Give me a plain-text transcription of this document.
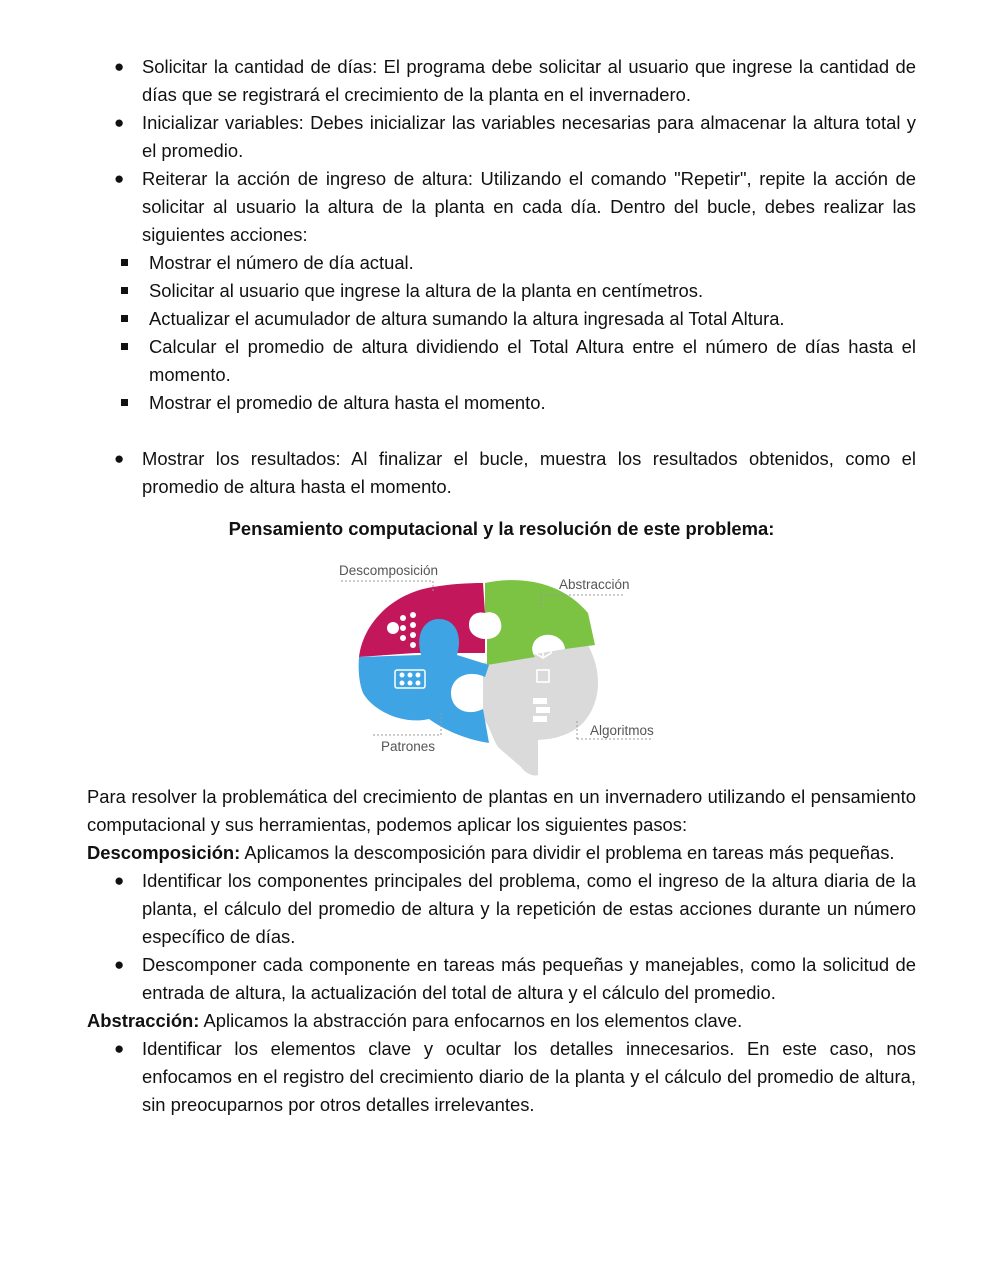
● Solicitar la cantidad de días: El programa debe solicitar al usuario que ingrese la cantidad de días que se registrará el crecimiento de la planta en el invernadero.
● Inicializar variables: Debes inicializar las variables necesarias para almacenar la altura total y el promedio.
● Reiterar la acción de ingreso de altura: Utilizando el comando "Repetir", repite la acción de solicitar al usuario la altura de la planta en cada día. Dentro del bucle, debes realizar las siguientes acciones:
Mostrar el número de día actual.
Solicitar al usuario que ingrese la altura de la planta en centímetros.
Actualizar el acumulador de altura sumando la altura ingresada al Total Altura.
Calcular el promedio de altura dividiendo el Total Altura entre el número de días hasta el momento.
Mostrar el promedio de altura hasta el momento.
● Mostrar los resultados: Al finalizar el bucle, muestra los resultados obtenidos, como el promedio de altura hasta el momento.
Pensamiento computacional y la resolución de este problema:
Descomposición
Abstracción
Patrones
Algoritmos

Para resolver la problemática del crecimiento de plantas en un invernadero utilizando el pensamiento computacional y sus herramientas, podemos aplicar los siguientes pasos:

Descomposición: Aplicamos la descomposición para dividir el problema en tareas más pequeñas.

● Identificar los componentes principales del problema, como el ingreso de la altura diaria de la planta, el cálculo del promedio de altura y la repetición de estas acciones durante un número específico de días.
● Descomponer cada componente en tareas más pequeñas y manejables, como la solicitud de entrada de altura, la actualización del total de altura y el cálculo del promedio.

Abstracción: Aplicamos la abstracción para enfocarnos en los elementos clave.

● Identificar los elementos clave y ocultar los detalles innecesarios. En este caso, nos enfocamos en el registro del crecimiento diario de la planta y el cálculo del promedio de altura, sin preocuparnos por otros detalles irrelevantes.
